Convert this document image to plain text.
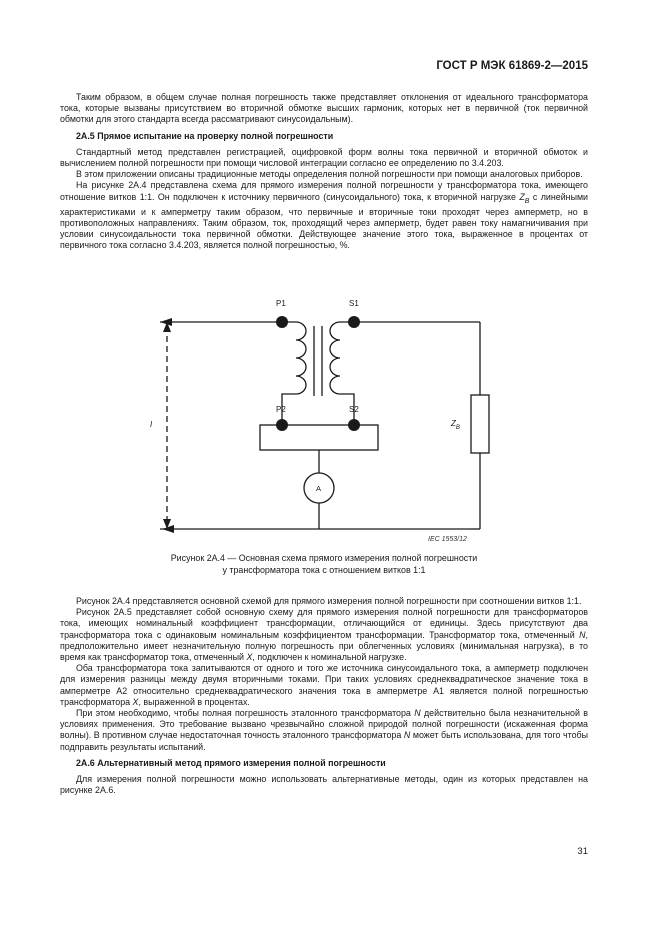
ГОСТ Р МЭК 61869-2—2015

Таким образом, в общем случае полная погрешность также представляет отклонения от идеального трансформатора тока, которые вызваны присутствием во вторичной обмотке высших гармоник, которых нет в первичной (ток первичной обмотки для этого стандарта всегда рассматривают синусоидальным).

2А.5 Прямое испытание на проверку полной погрешности

Стандартный метод представлен регистрацией, оцифровкой форм волны тока первичной и вторичной обмоток и вычислением полной погрешности при помощи числовой интеграции согласно ее определению по 3.4.203.

В этом приложении описаны традиционные методы определения полной погрешности при помощи аналоговых приборов.

На рисунке 2А.4 представлена схема для прямого измерения полной погрешности у трансформатора тока, имеющего отношение витков 1:1. Он подключен к источнику первичного (синусоидального) тока, к вторичной нагрузке $Z_B$ с линейными характеристиками и к амперметру таким образом, что первичные и вторичные токи проходят через амперметр, но в противоположных направлениях. Таким образом, ток, проходящий через амперметр, будет равен току намагничивания при условии синусоидальности тока первичной обмотки. Действующее значение этого тока, выраженное в процентах от первичного тока согласно 3.4.203, является полной погрешностью, %.

P1	S1
P2	S2
I
A
$Z_B$
IEC 1553/12
Рисунок 2А.4 — Основная схема прямого измерения полной погрешности
у трансформатора тока с отношением витков 1:1

Рисунок 2А.4 представляется основной схемой для прямого измерения полной погрешности при соотношении витков 1:1.

Рисунок 2А.5 представляет собой основную схему для прямого измерения полной погрешности для трансформаторов тока, имеющих номинальный коэффициент трансформации, отличающийся от единицы. Здесь присутствуют два трансформатора тока с одинаковым номинальным коэффициентом трансформации. Трансформатор тока, отмеченный N, предположительно имеет незначительную полную погрешность при облегченных условиях (минимальная нагрузка), в то время как трансформатор тока, отмеченный X, подключен к номинальной нагрузке.

Оба трансформатора тока запитываются от одного и того же источника синусоидального тока, а амперметр подключен для измерения разницы между двумя вторичными токами. При таких условиях среднеквадратическое значение тока в амперметре А2 относительно среднеквадратического значения тока в амперметре А1 является полной погрешностью трансформатора X, выраженной в процентах.

При этом необходимо, чтобы полная погрешность эталонного трансформатора N действительно была незначительной в условиях применения. Это требование вызвано чрезвычайно сложной природой полной погрешности (искаженная форма волны). В противном случае недостаточная точность эталонного трансформатора N может быть использована, для того чтобы подправить результаты испытаний.

2А.6 Альтернативный метод прямого измерения полной погрешности

Для измерения полной погрешности можно использовать альтернативные методы, один из которых представлен на рисунке 2А.6.

31
